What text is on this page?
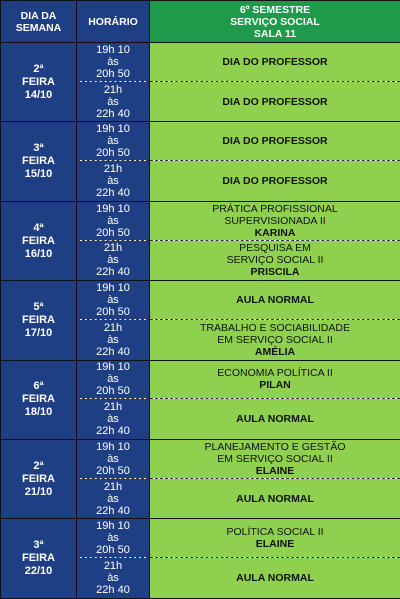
DIA DA
SEMANA	HORÁRIO	6º SEMESTRE
SERVIÇO SOCIAL
SALA 11

2ª
FEIRA
14/10	19h 10
às
20h 50	DIA DO PROFESSOR

	21h
às
22h 40	DIA DO PROFESSOR

3ª
FEIRA
15/10	19h 10
às
20h 50	DIA DO PROFESSOR

	21h
às
22h 40	DIA DO PROFESSOR

4ª
FEIRA
16/10	19h 10
às
20h 50	PRÁTICA PROFISSIONAL
SUPERVISIONADA II
KARINA

	21h
às
22h 40	PESQUISA EM
SERVIÇO SOCIAL II
PRISCILA

5ª
FEIRA
17/10	19h 10
às
20h 50	AULA NORMAL

	21h
às
22h 40	TRABALHO E SOCIABILIDADE
EM SERVIÇO SOCIAL II
AMÉLIA

6ª
FEIRA
18/10	19h 10
às
20h 50	ECONOMIA POLÍTICA II
PILAN

	21h
às
22h 40	AULA NORMAL

2ª
FEIRA
21/10	19h 10
às
20h 50	PLANEJAMENTO E GESTÃO
EM SERVIÇO SOCIAL II
ELAINE

	21h
às
22h 40	AULA NORMAL

3ª
FEIRA
22/10	19h 10
às
20h 50	POLÍTICA SOCIAL II
ELAINE

	21h
às
22h 40	AULA NORMAL
